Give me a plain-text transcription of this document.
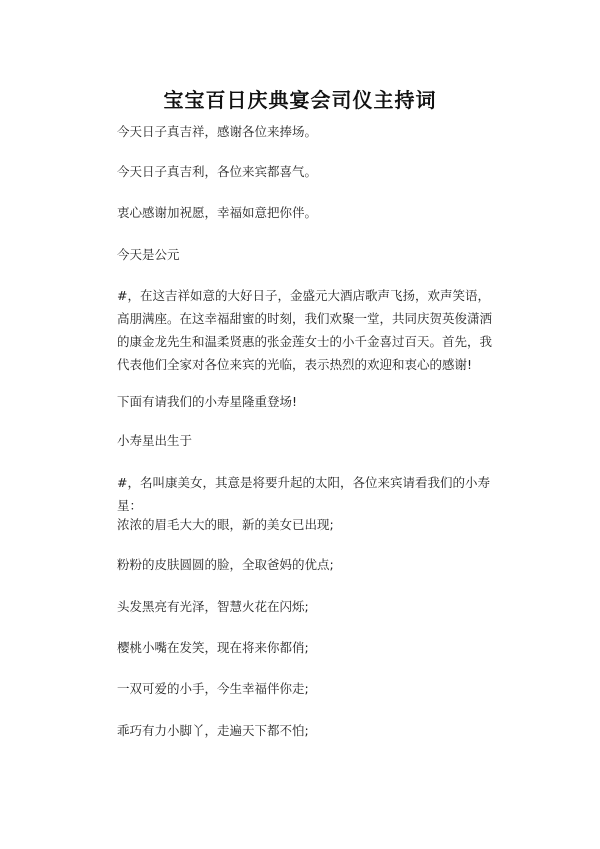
宝宝百日庆典宴会司仪主持词

今天日子真吉祥，感谢各位来捧场。

今天日子真吉利，各位来宾都喜气。

衷心感谢加祝愿，幸福如意把你伴。

今天是公元

#，在这吉祥如意的大好日子，金盛元大酒店歌声飞扬，欢声笑语，高朋满座。在这幸福甜蜜的时刻，我们欢聚一堂，共同庆贺英俊潇洒的康金龙先生和温柔贤惠的张金莲女士的小千金喜过百天。首先，我代表他们全家对各位来宾的光临，表示热烈的欢迎和衷心的感谢!

下面有请我们的小寿星隆重登场!

小寿星出生于

#，名叫康美女，其意是将要升起的太阳，各位来宾请看我们的小寿星：

浓浓的眉毛大大的眼，新的美女已出现;

粉粉的皮肤圆圆的脸，全取爸妈的优点;

头发黑亮有光泽，智慧火花在闪烁;

樱桃小嘴在发笑，现在将来你都俏;

一双可爱的小手，今生幸福伴你走;

乖巧有力小脚丫，走遍天下都不怕;
